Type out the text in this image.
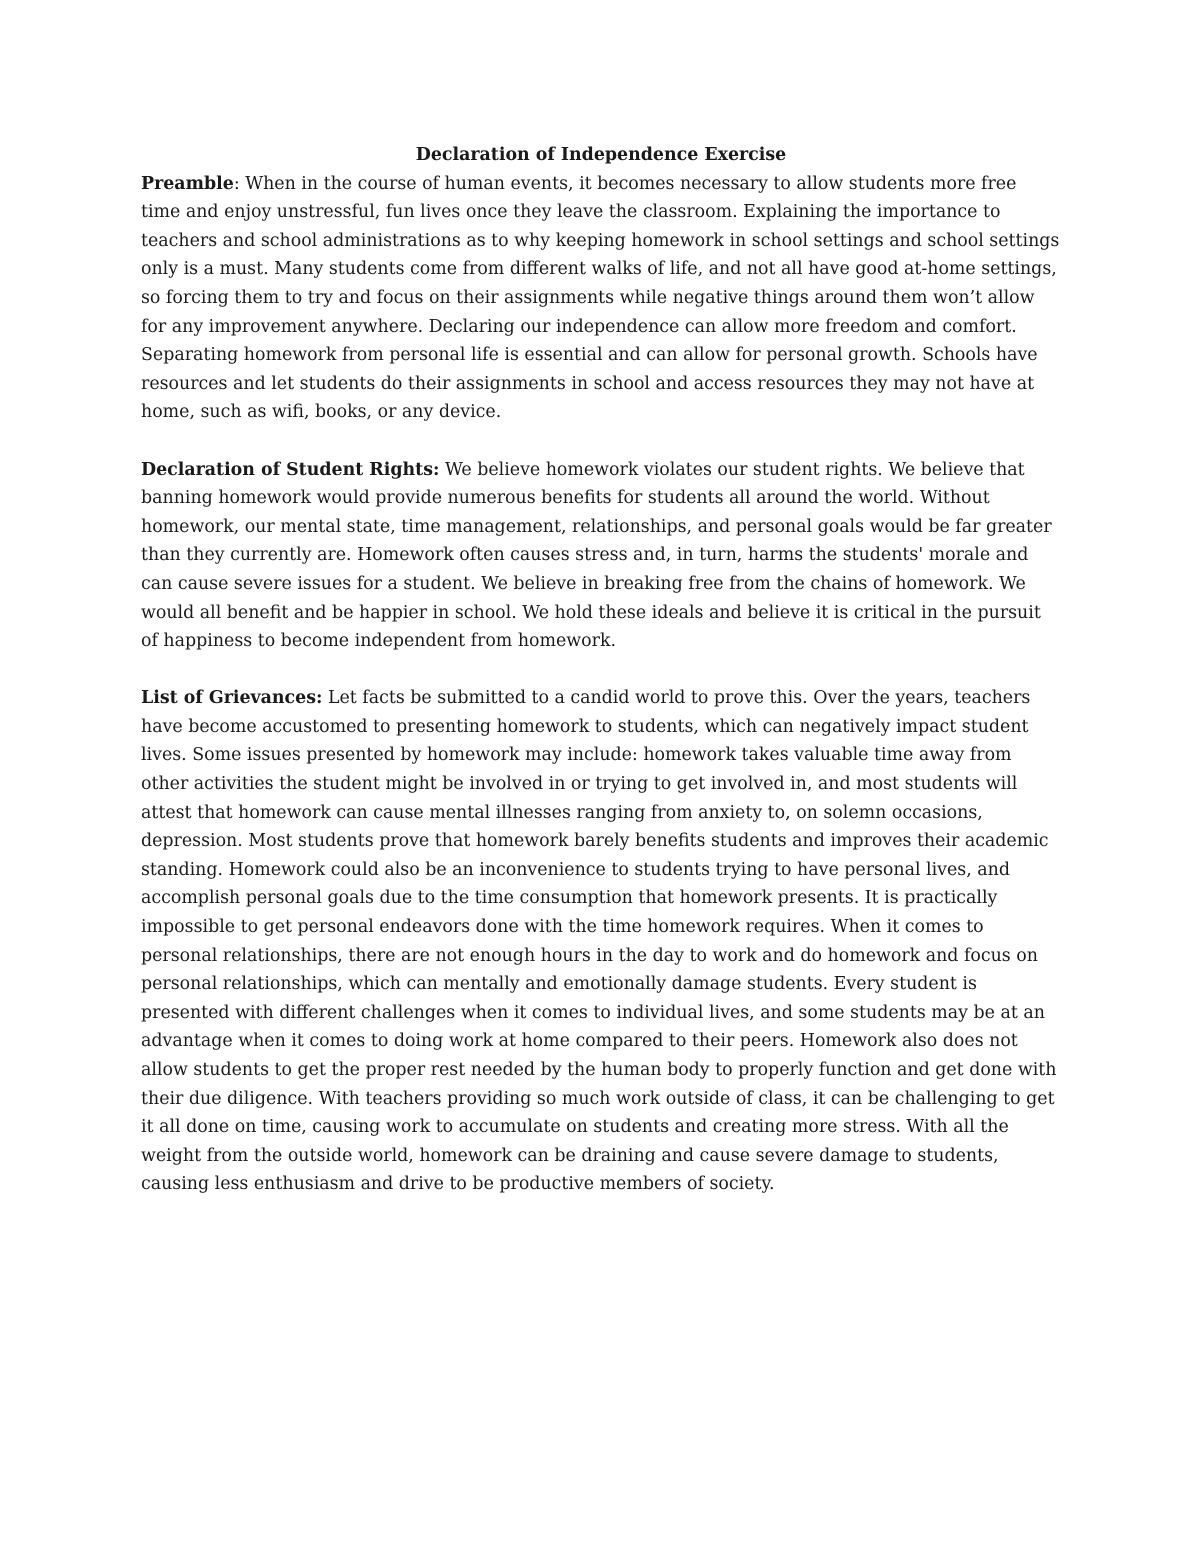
Declaration of Independence Exercise

Preamble: When in the course of human events, it becomes necessary to allow students more free time and enjoy unstressful, fun lives once they leave the classroom. Explaining the importance to teachers and school administrations as to why keeping homework in school settings and school settings only is a must. Many students come from different walks of life, and not all have good at-home settings, so forcing them to try and focus on their assignments while negative things around them won’t allow for any improvement anywhere. Declaring our independence can allow more freedom and comfort. Separating homework from personal life is essential and can allow for personal growth. Schools have resources and let students do their assignments in school and access resources they may not have at home, such as wifi, books, or any device.

Declaration of Student Rights: We believe homework violates our student rights. We believe that banning homework would provide numerous benefits for students all around the world. Without homework, our mental state, time management, relationships, and personal goals would be far greater than they currently are. Homework often causes stress and, in turn, harms the students' morale and can cause severe issues for a student. We believe in breaking free from the chains of homework. We would all benefit and be happier in school. We hold these ideals and believe it is critical in the pursuit of happiness to become independent from homework.

List of Grievances: Let facts be submitted to a candid world to prove this. Over the years, teachers have become accustomed to presenting homework to students, which can negatively impact student lives. Some issues presented by homework may include: homework takes valuable time away from other activities the student might be involved in or trying to get involved in, and most students will attest that homework can cause mental illnesses ranging from anxiety to, on solemn occasions, depression. Most students prove that homework barely benefits students and improves their academic standing. Homework could also be an inconvenience to students trying to have personal lives, and accomplish personal goals due to the time consumption that homework presents. It is practically impossible to get personal endeavors done with the time homework requires. When it comes to personal relationships, there are not enough hours in the day to work and do homework and focus on personal relationships, which can mentally and emotionally damage students. Every student is presented with different challenges when it comes to individual lives, and some students may be at an advantage when it comes to doing work at home compared to their peers. Homework also does not allow students to get the proper rest needed by the human body to properly function and get done with their due diligence. With teachers providing so much work outside of class, it can be challenging to get it all done on time, causing work to accumulate on students and creating more stress. With all the weight from the outside world, homework can be draining and cause severe damage to students, causing less enthusiasm and drive to be productive members of society.
